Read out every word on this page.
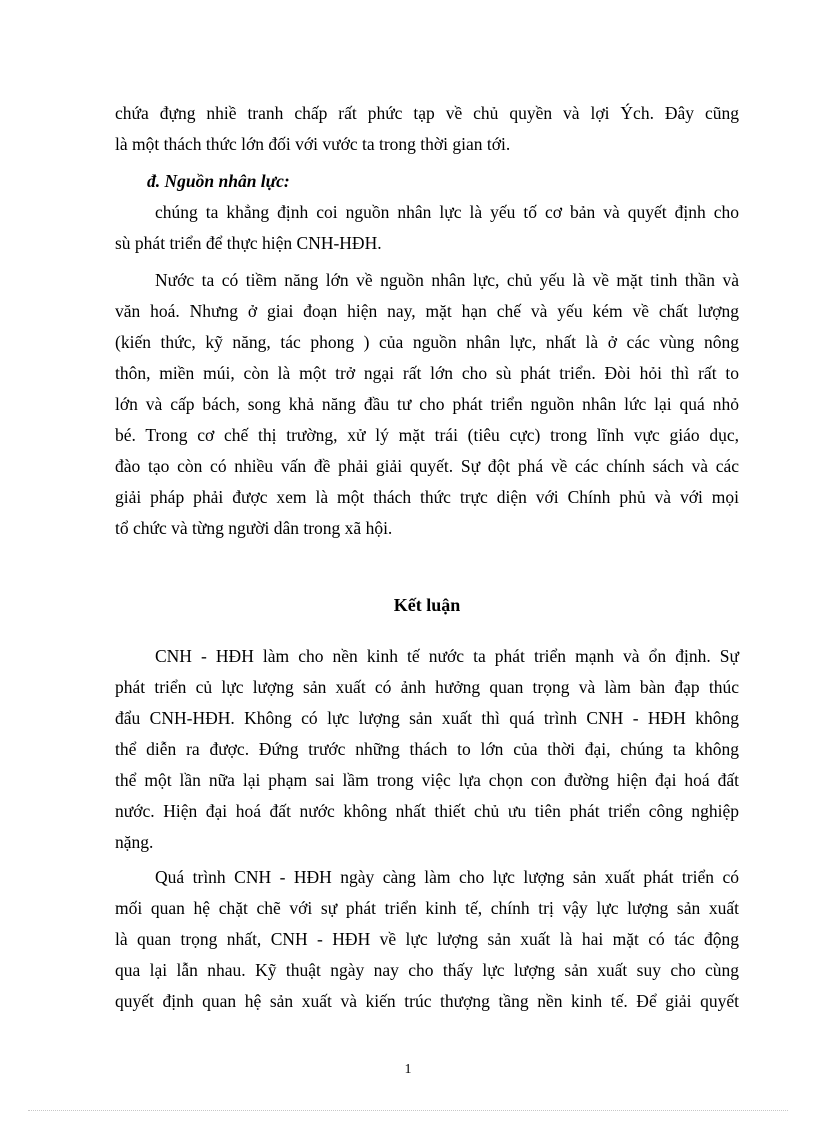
chứa đựng nhiề tranh chấp rất phức tạp về chủ quyền và lợi Ých. Đây cũng
là một thách thức lớn đối với vước ta trong thời gian tới.
đ. Nguồn nhân lực:
chúng ta khẳng định coi nguồn nhân lực là yếu tố cơ bản và quyết định cho
sù phát triển để thực hiện CNH-HĐH.
Nước ta có tiềm năng lớn về nguồn nhân lực, chủ yếu là về mặt tinh thần và
văn hoá. Nhưng ở giai đoạn hiện nay, mặt hạn chế và yếu kém về chất lượng
(kiến thức, kỹ năng, tác phong ) của nguồn nhân lực, nhất là ở các vùng nông
thôn, miền múi, còn là một trở ngại rất lớn cho sù phát triển. Đòi hỏi thì rất to
lớn và cấp bách, song khả năng đầu tư cho phát triển nguồn nhân lức lại quá nhỏ
bé. Trong cơ chế thị trường, xử lý mặt trái (tiêu cực) trong lĩnh vực giáo dục,
đào tạo còn có nhiều vấn đề phải giải quyết. Sự đột phá về các chính sách và các
giải pháp phải được xem là một thách thức trực diện với Chính phủ và với mọi
tổ chức và từng người dân trong xã hội.
Kết luận
CNH - HĐH làm cho nền kinh tế nước ta phát triển mạnh và ổn định. Sự
phát triển củ lực lượng sản xuất có ảnh hưởng quan trọng và làm bàn đạp thúc
đẩu CNH-HĐH. Không có lực lượng sản xuất thì quá trình CNH - HĐH không
thể diễn ra được. Đứng trước những thách to lớn của thời đại, chúng ta không
thể một lần nữa lại phạm sai lầm trong việc lựa chọn con đường hiện đại hoá đất
nước. Hiện đại hoá đất nước không nhất thiết chủ ưu tiên phát triển công nghiệp
nặng.
Quá trình CNH - HĐH ngày càng làm cho lực lượng sản xuất phát triển có
mối quan hệ chặt chẽ với sự phát triển kinh tế, chính trị vậy lực lượng sản xuất
là quan trọng nhất, CNH - HĐH về lực lượng sản xuất là hai mặt có tác động
qua lại lẫn nhau. Kỹ thuật ngày nay cho thấy lực lượng sản xuất suy cho cùng
quyết định quan hệ sản xuất và kiến trúc thượng tầng nền kinh tế. Để giải quyết
1
